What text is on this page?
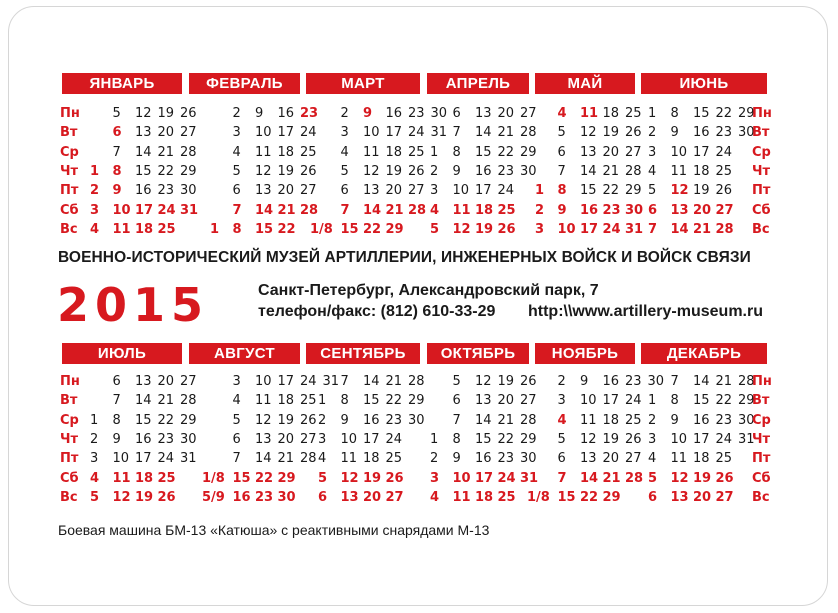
ЯНВАРЬ
5 12 19 26
6 13 20 27
7 14 21 28
1 8 15 22 29
2 9 16 23 30
3 10 17 24 31
4 11 18 25
ФЕВРАЛЬ
2 9 16 23
3 10 17 24
4 11 18 25
5 12 19 26
6 13 20 27
7 14 21 28
1 8 15 22
МАРТ
2 9 16 23 30
3 10 17 24 31
4 11 18 25
5 12 19 26
6 13 20 27
7 14 21 28
1/8 15 22 29
АПРЕЛЬ
6 13 20 27
7 14 21 28
1 8 15 22 29
2 9 16 23 30
3 10 17 24
4 11 18 25
5 12 19 26
МАЙ
4 11 18 25
5 12 19 26
6 13 20 27
7 14 21 28
1 8 15 22 29
2 9 16 23 30
3 10 17 24 31
ИЮНЬ
1 8 15 22 29
2 9 16 23 30
3 10 17 24
4 11 18 25
5 12 19 26
6 13 20 27
7 14 21 28
ИЮЛЬ
6 13 20 27
7 14 21 28
1 8 15 22 29
2 9 16 23 30
3 10 17 24 31
4 11 18 25
5 12 19 26
АВГУСТ
3 10 17 24 31
4 11 18 25
5 12 19 26
6 13 20 27
7 14 21 28
1/8 15 22 29
5/9 16 23 30
СЕНТЯБРЬ
7 14 21 28
1 8 15 22 29
2 9 16 23 30
3 10 17 24
4 11 18 25
5 12 19 26
6 13 20 27
ОКТЯБРЬ
5 12 19 26
6 13 20 27
7 14 21 28
1 8 15 22 29
2 9 16 23 30
3 10 17 24 31
4 11 18 25
НОЯБРЬ
2 9 16 23 30
3 10 17 24
4 11 18 25
5 12 19 26
6 13 20 27
7 14 21 28
1/8 15 22 29
ДЕКАБРЬ
7 14 21 28
1 8 15 22 29
2 9 16 23 30
3 10 17 24 31
4 11 18 25
5 12 19 26
6 13 20 27
ВОЕННО-ИСТОРИЧЕСКИЙ МУЗЕЙ АРТИЛЛЕРИИ, ИНЖЕНЕРНЫХ ВОЙСК И ВОЙСК СВЯЗИ
2015	Санкт-Петербург, Александровский парк, 7
телефон/факс: (812) 610-33-29 http:\\www.artillery-museum.ru
Боевая машина БМ-13 «Катюша» с реактивными снарядами М-13
Пн
Вт
Ср
Чт
Пт
Сб
Вс
Пн
Вт
Ср
Чт
Пт
Сб
Вс
Пн
Вт
Ср
Чт
Пт
Сб
Вс
Пн
Вт
Ср
Чт
Пт
Сб
Вс
